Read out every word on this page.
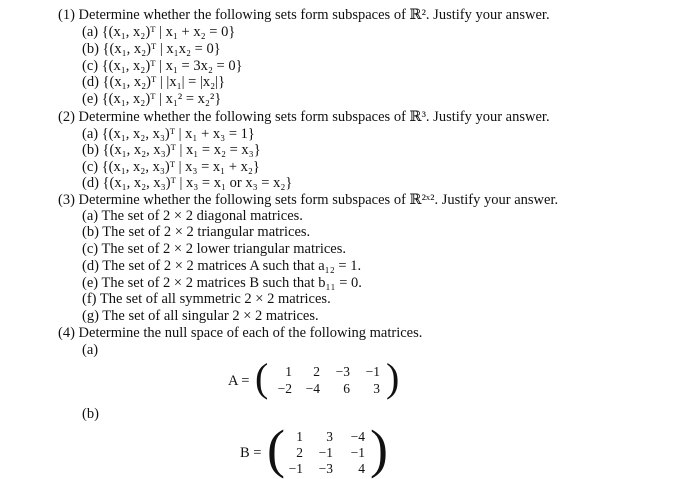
(1) Determine whether the following sets form subspaces of ℝ². Justify your answer.
(a) {(x₁, x₂)ᵀ | x₁ + x₂ = 0}
(b) {(x₁, x₂)ᵀ | x₁x₂ = 0}
(c) {(x₁, x₂)ᵀ | x₁ = 3x₂ = 0}
(d) {(x₁, x₂)ᵀ | |x₁| = |x₂|}
(e) {(x₁, x₂)ᵀ | x₁² = x₂²}
(2) Determine whether the following sets form subspaces of ℝ³. Justify your answer.
(a) {(x₁, x₂, x₃)ᵀ | x₁ + x₃ = 1}
(b) {(x₁, x₂, x₃)ᵀ | x₁ = x₂ = x₃}
(c) {(x₁, x₂, x₃)ᵀ | x₃ = x₁ + x₂}
(d) {(x₁, x₂, x₃)ᵀ | x₃ = x₁ or x₃ = x₂}
(3) Determine whether the following sets form subspaces of ℝ²ˣ². Justify your answer.
(a) The set of 2 × 2 diagonal matrices.
(b) The set of 2 × 2 triangular matrices.
(c) The set of 2 × 2 lower triangular matrices.
(d) The set of 2 × 2 matrices A such that a₁₂ = 1.
(e) The set of 2 × 2 matrices B such that b₁₁ = 0.
(f) The set of all symmetric 2 × 2 matrices.
(g) The set of all singular 2 × 2 matrices.
(4) Determine the null space of each of the following matrices.
(a)
A = (	1	2	−3	−1
−2	−4	6	3 )
(b)
B = ( 1	3	−4
2	−1	−1
−1	−3	4 )
